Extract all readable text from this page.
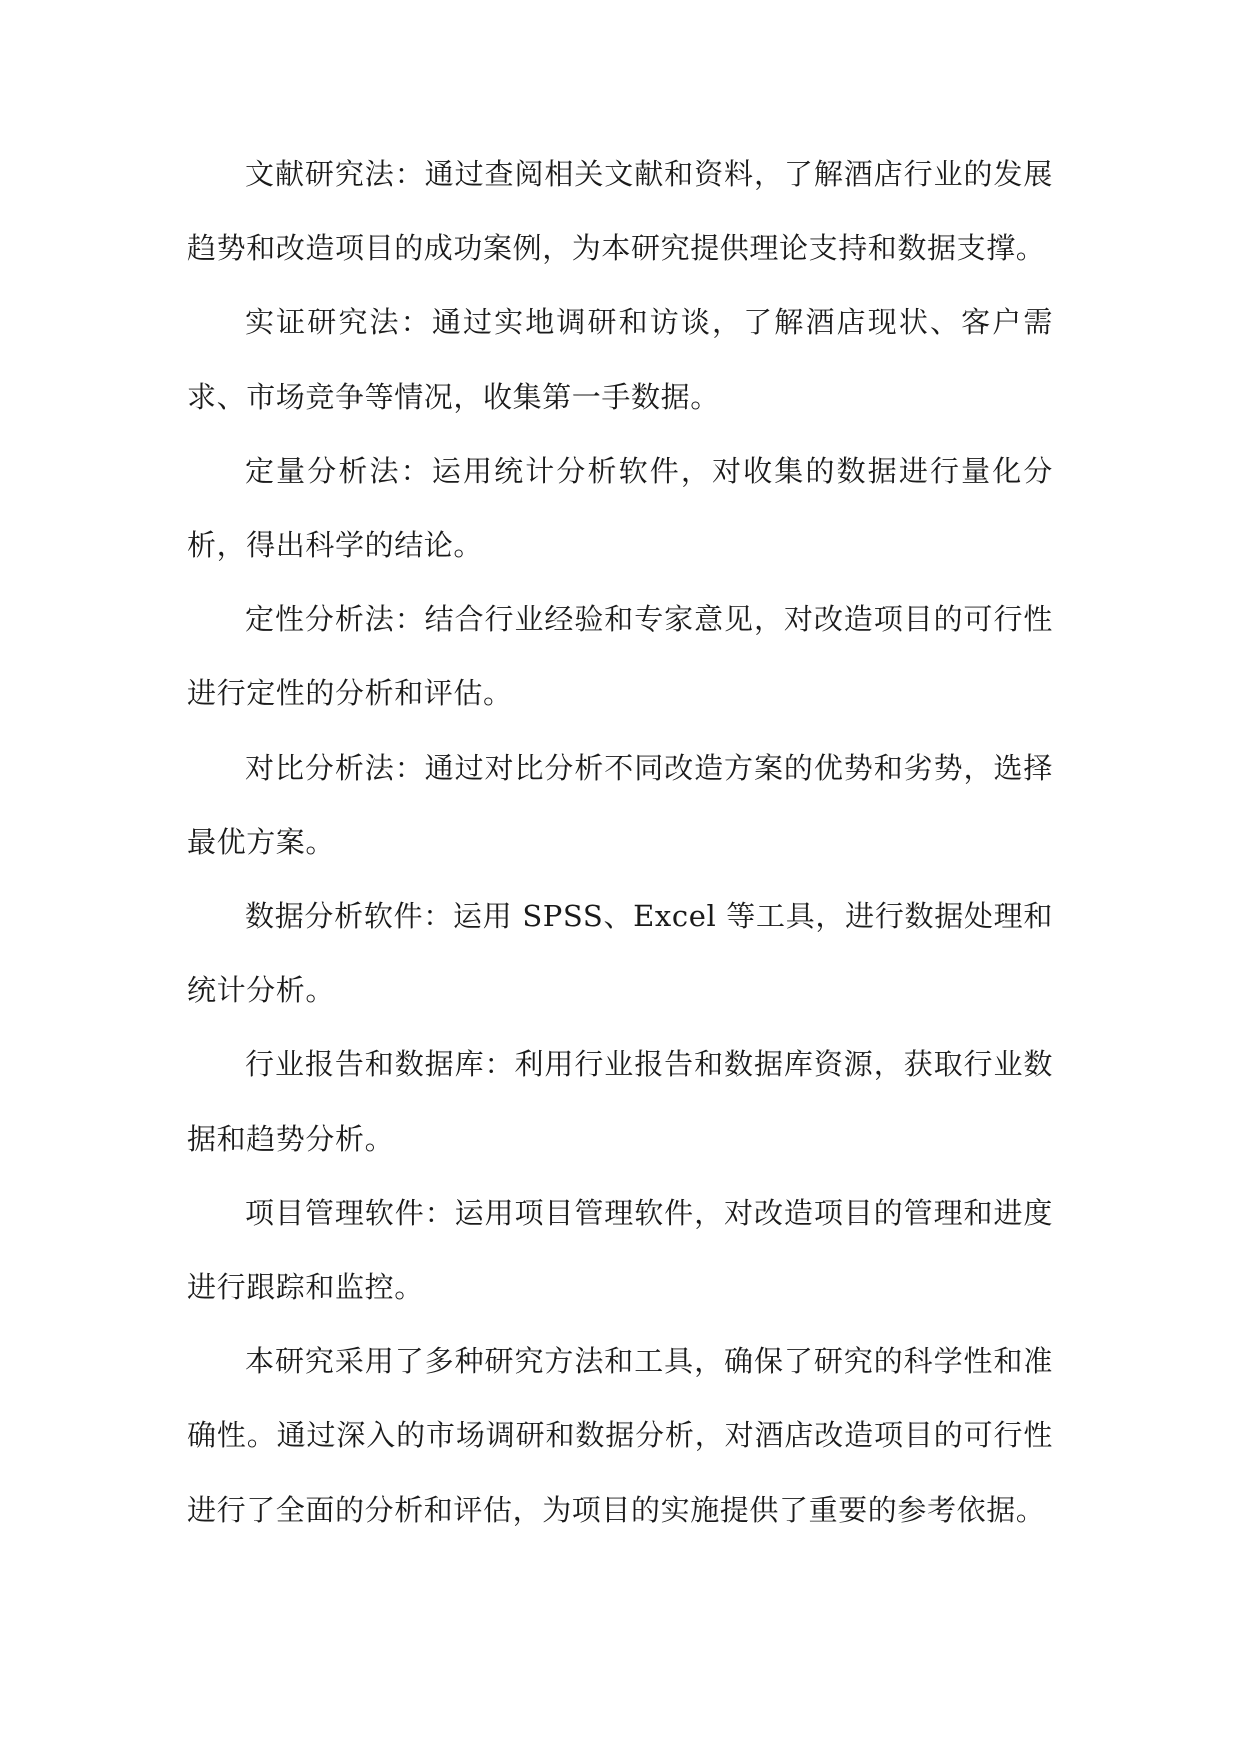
文献研究法：通过查阅相关文献和资料，了解酒店行业的发展趋势和改造项目的成功案例，为本研究提供理论支持和数据支撑。

实证研究法：通过实地调研和访谈，了解酒店现状、客户需求、市场竞争等情况，收集第一手数据。

定量分析法：运用统计分析软件，对收集的数据进行量化分析，得出科学的结论。

定性分析法：结合行业经验和专家意见，对改造项目的可行性进行定性的分析和评估。

对比分析法：通过对比分析不同改造方案的优势和劣势，选择最优方案。

数据分析软件：运用 SPSS、Excel 等工具，进行数据处理和统计分析。

行业报告和数据库：利用行业报告和数据库资源，获取行业数据和趋势分析。

项目管理软件：运用项目管理软件，对改造项目的管理和进度进行跟踪和监控。

本研究采用了多种研究方法和工具，确保了研究的科学性和准确性。通过深入的市场调研和数据分析，对酒店改造项目的可行性进行了全面的分析和评估，为项目的实施提供了重要的参考依据。
